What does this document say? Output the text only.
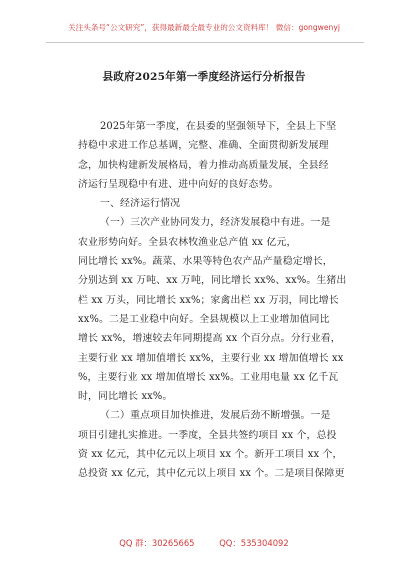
关注头条号“公文研究”，获得最新最全最专业的公文资料库！ 微信：gongwenyj
县政府2025年第一季度经济运行分析报告
2025年第一季度，在县委的坚强领导下，全县上下坚
持稳中求进工作总基调，完整、准确、全面贯彻新发展理
念，加快构建新发展格局，着力推动高质量发展，全县经
济运行呈现稳中有进、进中向好的良好态势。
一、经济运行情况
（一）三次产业协同发力，经济发展稳中有进。一是
农业形势向好。全县农林牧渔业总产值 xx 亿元，
同比增长 xx%。蔬菜、水果等特色农产品产量稳定增长，
分别达到 xx 万吨、xx 万吨，同比增长 xx%、xx%。生猪出
栏 xx 万头，同比增长 xx%；家禽出栏 xx 万羽，同比增长
xx%。二是工业稳中向好。全县规模以上工业增加值同比
增长 xx%，增速较去年同期提高 xx 个百分点。分行业看，
主要行业 xx 增加值增长 xx%，主要行业 xx 增加值增长 xx
%，主要行业 xx 增加值增长 xx%。工业用电量 xx 亿千瓦
时，同比增长 xx%。
（二）重点项目加快推进，发展后劲不断增强。一是
项目引建扎实推进。一季度，全县共签约项目 xx 个，总投
资 xx 亿元，其中亿元以上项目 xx 个。新开工项目 xx 个，
总投资 xx 亿元，其中亿元以上项目 xx 个。二是项目保障更
QQ 群：30265665	QQ：535304092
